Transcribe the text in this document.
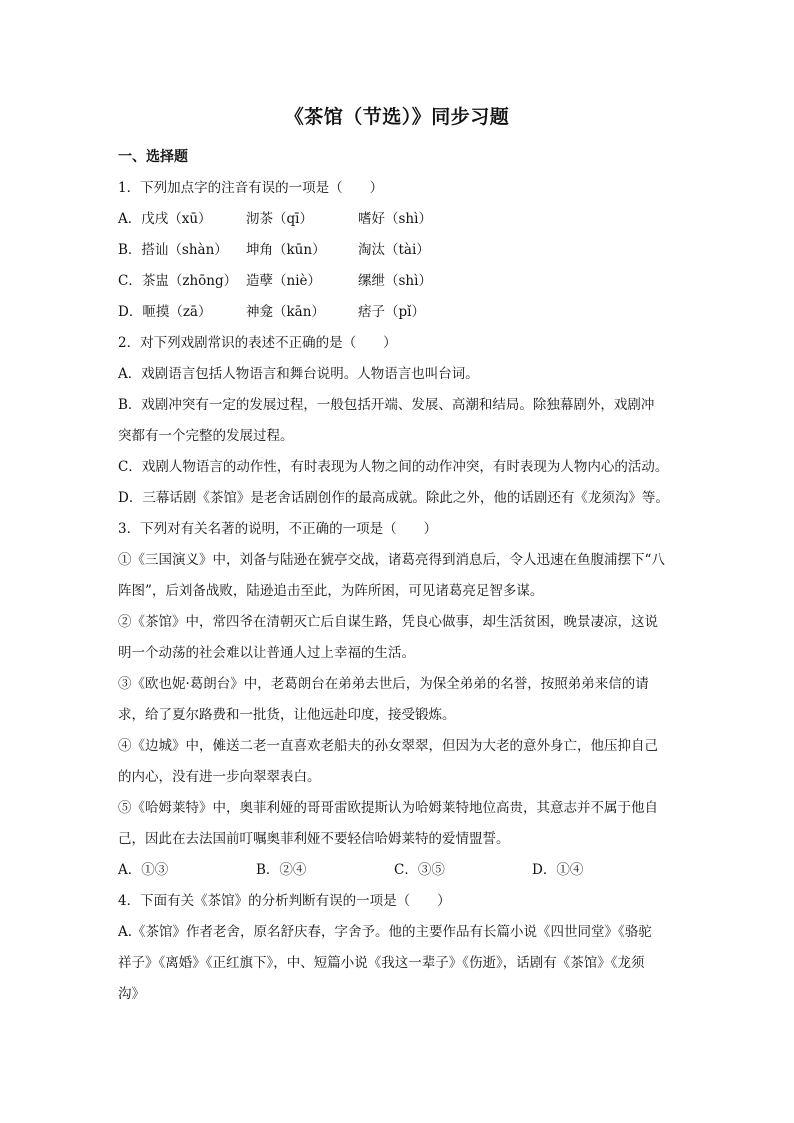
《茶馆（节选）》同步习题
一、选择题
1．下列加点字的注音有误的一项是（　　）
A．戊戌（xū）	沏茶（qī）	嗜好（shì）
B．搭讪（shàn）	坤角（kūn）	淘汰（tài）
C．茶盅（zhōng） 造孽（niè）	缧绁（shì）
D．咂摸（zā）	神龛（kān）	痞子（pǐ）
2．对下列戏剧常识的表述不正确的是（　　）
A．戏剧语言包括人物语言和舞台说明。人物语言也叫台词。
B．戏剧冲突有一定的发展过程，一般包括开端、发展、高潮和结局。除独幕剧外，戏剧冲
突都有一个完整的发展过程。
C．戏剧人物语言的动作性，有时表现为人物之间的动作冲突，有时表现为人物内心的活动。
D．三幕话剧《茶馆》是老舍话剧创作的最高成就。除此之外，他的话剧还有《龙须沟》等。
3．下列对有关名著的说明，不正确的一项是（　　）
①《三国演义》中，刘备与陆逊在猇亭交战，诸葛亮得到消息后，令人迅速在鱼腹浦摆下“八
阵图”，后刘备战败，陆逊追击至此，为阵所困，可见诸葛亮足智多谋。
②《茶馆》中，常四爷在清朝灭亡后自谋生路，凭良心做事，却生活贫困，晚景凄凉，这说
明一个动荡的社会难以让普通人过上幸福的生活。
③《欧也妮·葛朗台》中，老葛朗台在弟弟去世后，为保全弟弟的名誉，按照弟弟来信的请
求，给了夏尔路费和一批货，让他远赴印度，接受锻炼。
④《边城》中，傩送二老一直喜欢老船夫的孙女翠翠，但因为大老的意外身亡，他压抑自己
的内心，没有进一步向翠翠表白。
⑤《哈姆莱特》中，奥菲利娅的哥哥雷欧提斯认为哈姆莱特地位高贵，其意志并不属于他自
己，因此在去法国前叮嘱奥菲利娅不要轻信哈姆莱特的爱情盟誓。
A．①③	B．②④	C．③⑤	D．①④
4．下面有关《茶馆》的分析判断有误的一项是（　　）
A.《茶馆》作者老舍，原名舒庆春，字舍予。他的主要作品有长篇小说《四世同堂》《骆驼
祥子》《离婚》《正红旗下》，中、短篇小说《我这一辈子》《伤逝》，话剧有《茶馆》《龙须
沟》
